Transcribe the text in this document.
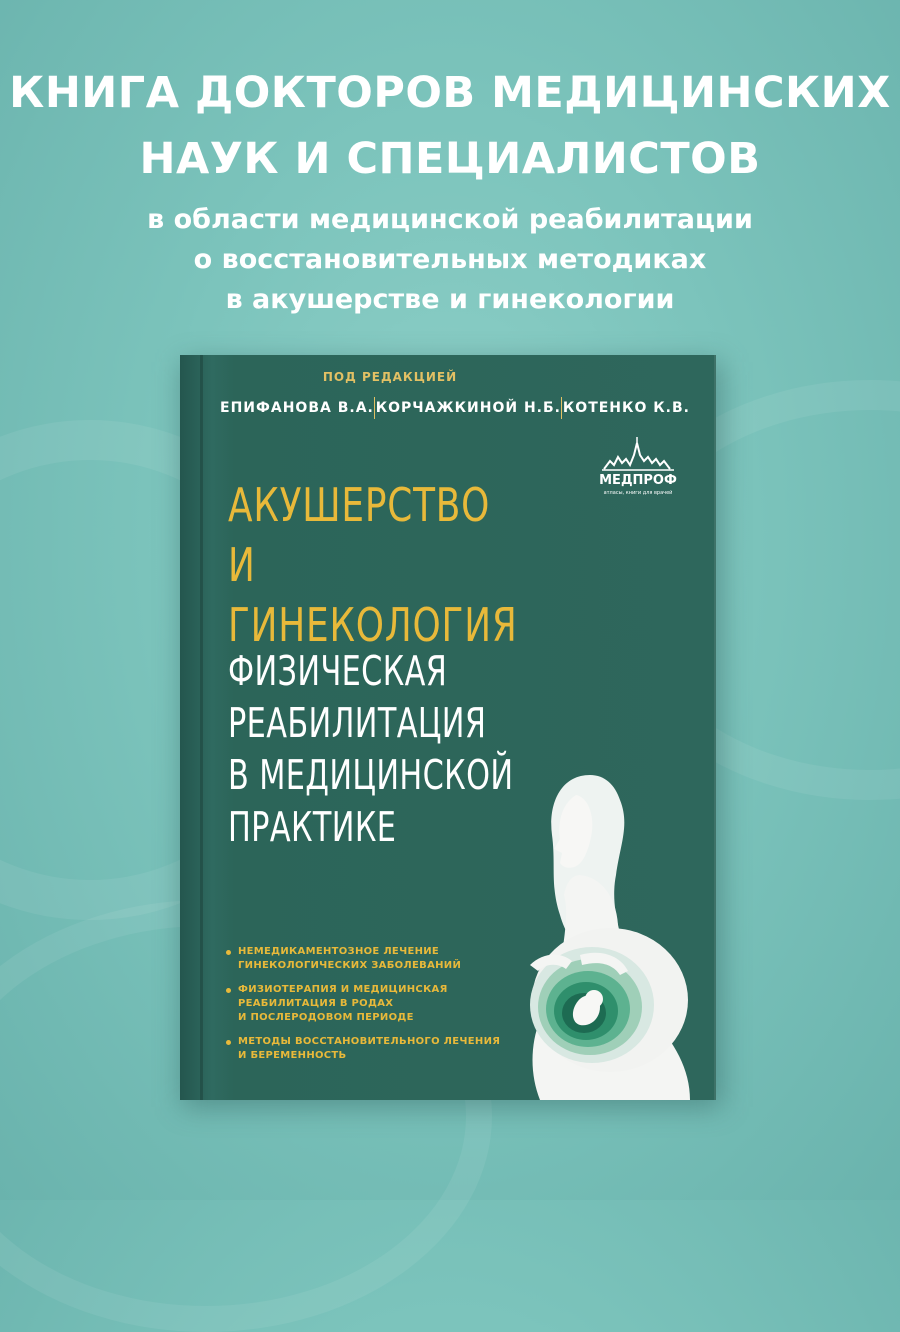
КНИГА ДОКТОРОВ МЕДИЦИНСКИХ
НАУК И СПЕЦИАЛИСТОВ
в области медицинской реабилитации
о восстановительных методиках
в акушерстве и гинекологии
ПОД РЕДАКЦИЕЙ
ЕПИФАНОВА В.А. КОРЧАЖКИНОЙ Н.Б. КОТЕНКО К.В.
МЕДПРОФ
атласы, книги для врачей
АКУШЕРСТВО
И ГИНЕКОЛОГИЯ
ФИЗИЧЕСКАЯ
РЕАБИЛИТАЦИЯ
В МЕДИЦИНСКОЙ
ПРАКТИКЕ
НЕМЕДИКАМЕНТОЗНОЕ ЛЕЧЕНИЕ
ГИНЕКОЛОГИЧЕСКИХ ЗАБОЛЕВАНИЙ
ФИЗИОТЕРАПИЯ И МЕДИЦИНСКАЯ
РЕАБИЛИТАЦИЯ В РОДАХ
И ПОСЛЕРОДОВОМ ПЕРИОДЕ
МЕТОДЫ ВОССТАНОВИТЕЛЬНОГО ЛЕЧЕНИЯ
И БЕРЕМЕННОСТЬ
